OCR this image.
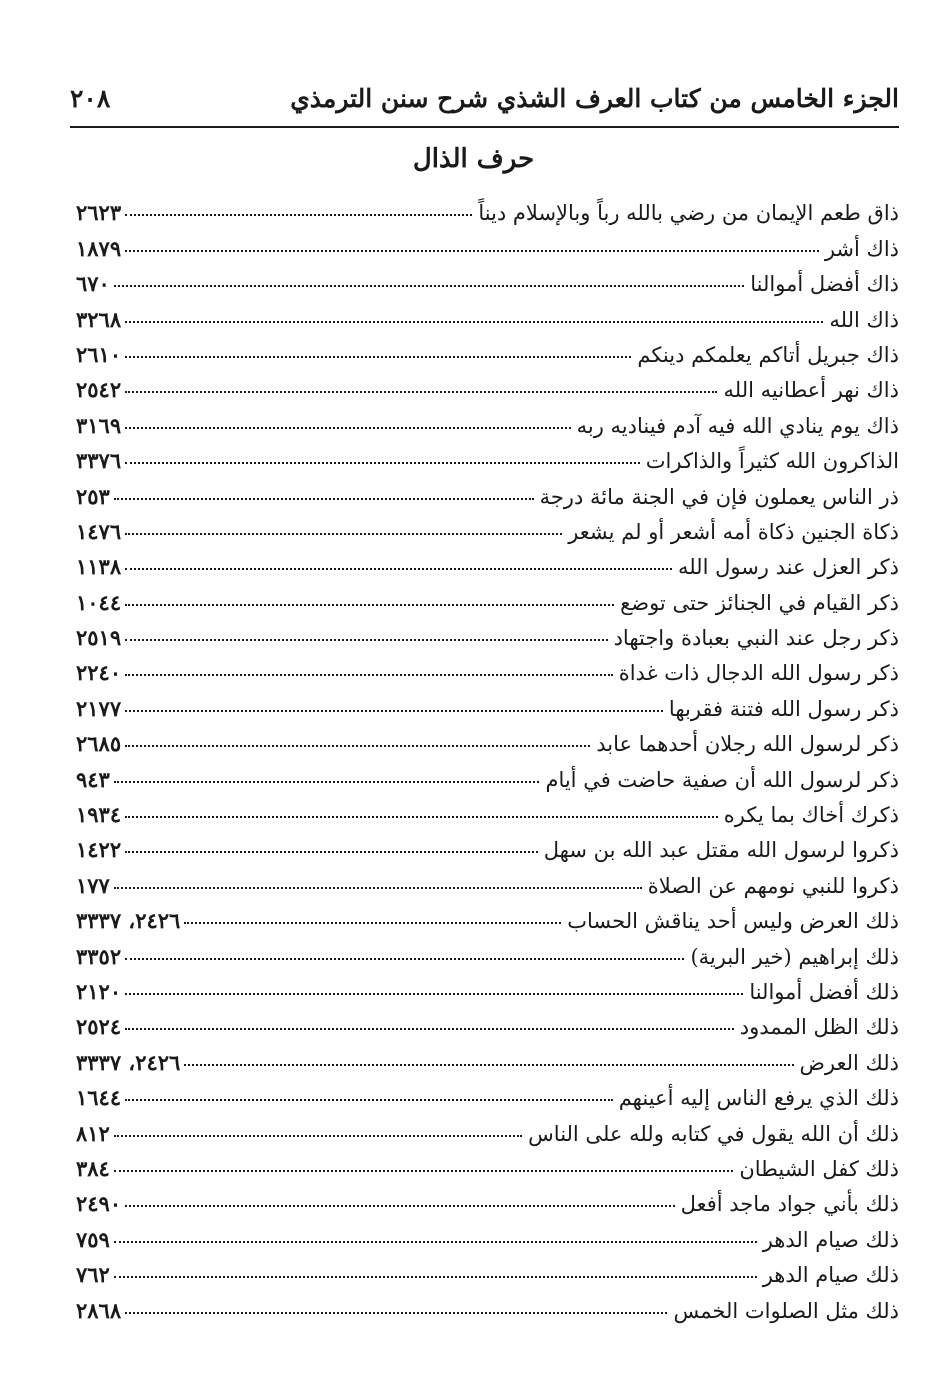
الجزء الخامس من كتاب العرف الشذي شرح سنن الترمذي
٢٠٨
حرف الذال
ذاق طعم الإيمان من رضي بالله رباً وبالإسلام ديناً
٢٦٢٣
ذاك أشر
١٨٧٩
ذاك أفضل أموالنا
٦٧٠
ذاك الله
٣٢٦٨
ذاك جبريل أتاكم يعلمكم دينكم
٢٦١٠
ذاك نهر أعطانيه الله
٢٥٤٢
ذاك يوم ينادي الله فيه آدم فيناديه ربه
٣١٦٩
الذاكرون الله كثيراً والذاكرات
٣٣٧٦
ذر الناس يعملون فإن في الجنة مائة درجة
٢٥٣
ذكاة الجنين ذكاة أمه أشعر أو لم يشعر
١٤٧٦
ذكر العزل عند رسول الله
١١٣٨
ذكر القيام في الجنائز حتى توضع
١٠٤٤
ذكر رجل عند النبي بعبادة واجتهاد
٢٥١٩
ذكر رسول الله الدجال ذات غداة
٢٢٤٠
ذكر رسول الله فتنة فقربها
٢١٧٧
ذكر لرسول الله رجلان أحدهما عابد
٢٦٨٥
ذكر لرسول الله أن صفية حاضت في أيام
٩٤٣
ذكرك أخاك بما يكره
١٩٣٤
ذكروا لرسول الله مقتل عبد الله بن سهل
١٤٢٢
ذكروا للنبي نومهم عن الصلاة
١٧٧
ذلك العرض وليس أحد يناقش الحساب
٢٤٢٦، ٣٣٣٧
ذلك إبراهيم (خير البرية)
٣٣٥٢
ذلك أفضل أموالنا
٢١٢٠
ذلك الظل الممدود
٢٥٢٤
ذلك العرض
٢٤٢٦، ٣٣٣٧
ذلك الذي يرفع الناس إليه أعينهم
١٦٤٤
ذلك أن الله يقول في كتابه ولله على الناس
٨١٢
ذلك كفل الشيطان
٣٨٤
ذلك بأني جواد ماجد أفعل
٢٤٩٠
ذلك صيام الدهر
٧٥٩
ذلك صيام الدهر
٧٦٢
ذلك مثل الصلوات الخمس
٢٨٦٨
